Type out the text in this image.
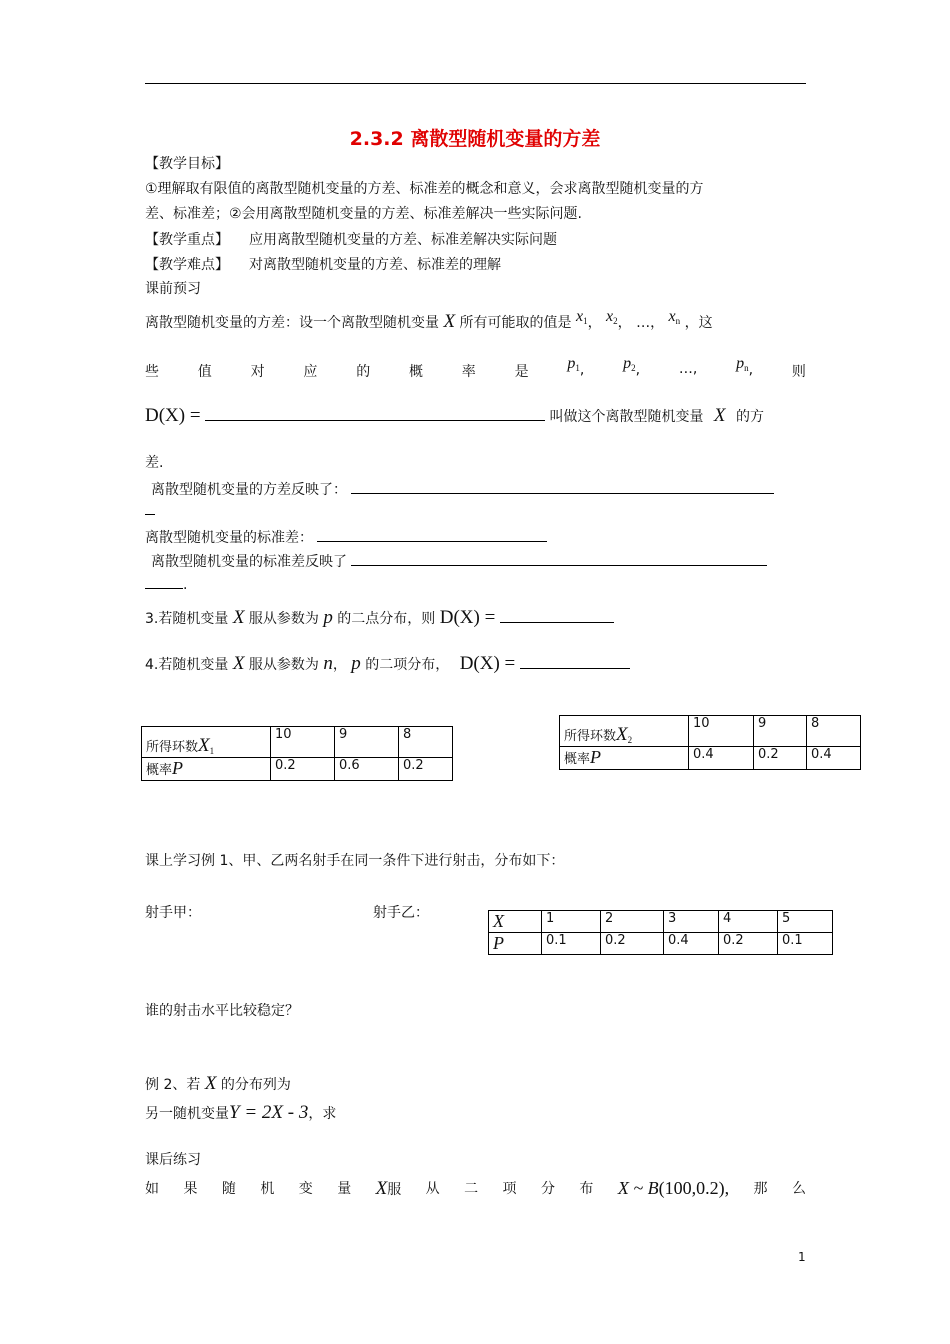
2.3.2 离散型随机变量的方差
【教学目标】
①理解取有限值的离散型随机变量的方差、标准差的概念和意义，会求离散型随机变量的方
差、标准差；②会用离散型随机变量的方差、标准差解决一些实际问题.
【教学重点】 应用离散型随机变量的方差、标准差解决实际问题
【教学难点】 对离散型随机变量的方差、标准差的理解
课前预习
离散型随机变量的方差：设一个离散型随机变量 X 所有可能取的值是 $x_1$， $x_2$， …， $x_n$ ，这
些	值	对	应	的	概	率	是 $p_1$, $p_2$,	…, $p_n$,	则
D(X) =	叫做这个离散型随机变量 X 的方
差.
离散型随机变量的方差反映了：
离散型随机变量的标准差：
离散型随机变量的标准差反映了
.
3.若随机变量 X 服从参数为 p 的二点分布，则 D(X) =
4.若随机变量 X 服从参数为 n， p 的二项分布， D(X) =
所得环数$X_1$	10	9	8
概率P	0.2	0.6	0.2
所得环数$X_2$	10	9	8
概率P	0.4	0.2	0.4
课上学习例 1、甲、乙两名射手在同一条件下进行射击，分布如下：
射手甲：	射手乙：	X	1	2	3	4	5
P	0.1	0.2	0.4	0.2	0.1
谁的射击水平比较稳定？
例 2、若 X 的分布列为
另一随机变量Y = 2X - 3，求
课后练习
如 果 随 机 变 量 X服 从 二 项 分 布 X ~ B(100,0.2), 那 么
1
